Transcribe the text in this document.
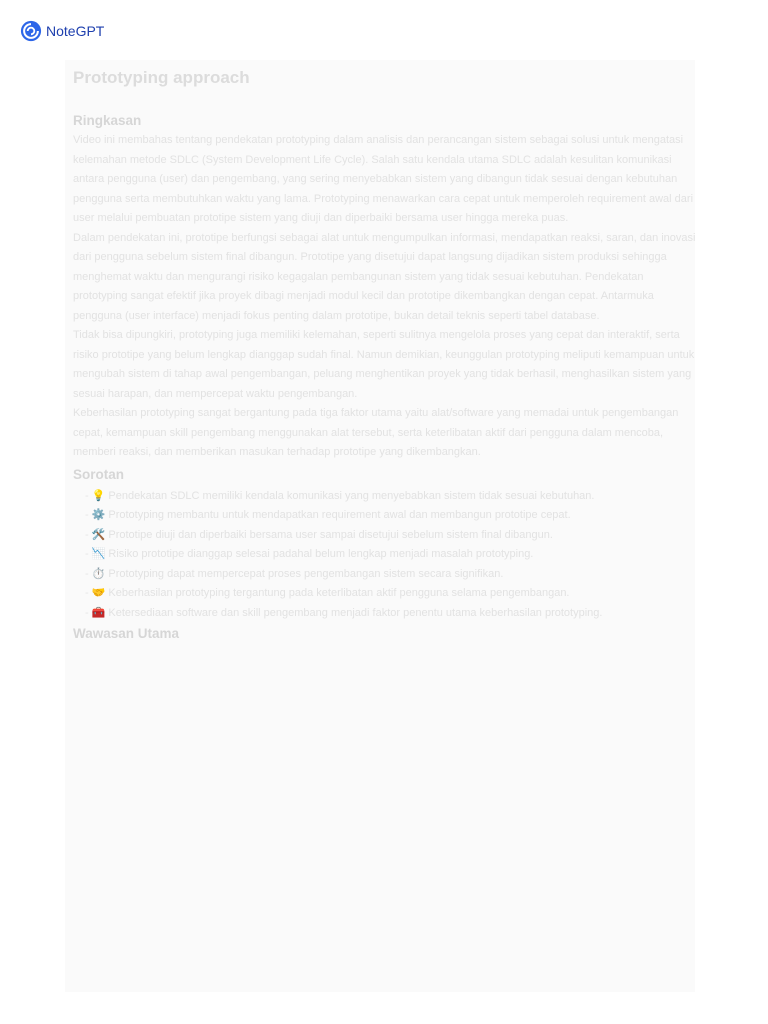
NoteGPT
Prototyping approach
Ringkasan

Video ini membahas tentang pendekatan prototyping dalam analisis dan perancangan sistem sebagai solusi untuk mengatasi kelemahan metode SDLC (System Development Life Cycle). Salah satu kendala utama SDLC adalah kesulitan komunikasi antara pengguna (user) dan pengembang, yang sering menyebabkan sistem yang dibangun tidak sesuai dengan kebutuhan pengguna serta membutuhkan waktu yang lama. Prototyping menawarkan cara cepat untuk memperoleh requirement awal dari user melalui pembuatan prototipe sistem yang diuji dan diperbaiki bersama user hingga mereka puas.

Dalam pendekatan ini, prototipe berfungsi sebagai alat untuk mengumpulkan informasi, mendapatkan reaksi, saran, dan inovasi dari pengguna sebelum sistem final dibangun. Prototipe yang disetujui dapat langsung dijadikan sistem produksi sehingga menghemat waktu dan mengurangi risiko kegagalan pembangunan sistem yang tidak sesuai kebutuhan. Pendekatan prototyping sangat efektif jika proyek dibagi menjadi modul kecil dan prototipe dikembangkan dengan cepat. Antarmuka pengguna (user interface) menjadi fokus penting dalam prototipe, bukan detail teknis seperti tabel database.

Tidak bisa dipungkiri, prototyping juga memiliki kelemahan, seperti sulitnya mengelola proses yang cepat dan interaktif, serta risiko prototipe yang belum lengkap dianggap sudah final. Namun demikian, keunggulan prototyping meliputi kemampuan untuk mengubah sistem di tahap awal pengembangan, peluang menghentikan proyek yang tidak berhasil, menghasilkan sistem yang sesuai harapan, dan mempercepat waktu pengembangan.

Keberhasilan prototyping sangat bergantung pada tiga faktor utama yaitu alat/software yang memadai untuk pengembangan cepat, kemampuan skill pengembang menggunakan alat tersebut, serta keterlibatan aktif dari pengguna dalam mencoba, memberi reaksi, dan memberikan masukan terhadap prototipe yang dikembangkan.

Sorotan
- 💡 Pendekatan SDLC memiliki kendala komunikasi yang menyebabkan sistem tidak sesuai kebutuhan.
- ⚙️ Prototyping membantu untuk mendapatkan requirement awal dan membangun prototipe cepat.
- 🛠️ Prototipe diuji dan diperbaiki bersama user sampai disetujui sebelum sistem final dibangun.
- 📉 Risiko prototipe dianggap selesai padahal belum lengkap menjadi masalah prototyping.
- ⏱️ Prototyping dapat mempercepat proses pengembangan sistem secara signifikan.
- 🤝 Keberhasilan prototyping tergantung pada keterlibatan aktif pengguna selama pengembangan.
- 🧰 Ketersediaan software dan skill pengembang menjadi faktor penentu utama keberhasilan prototyping.
Wawasan Utama
